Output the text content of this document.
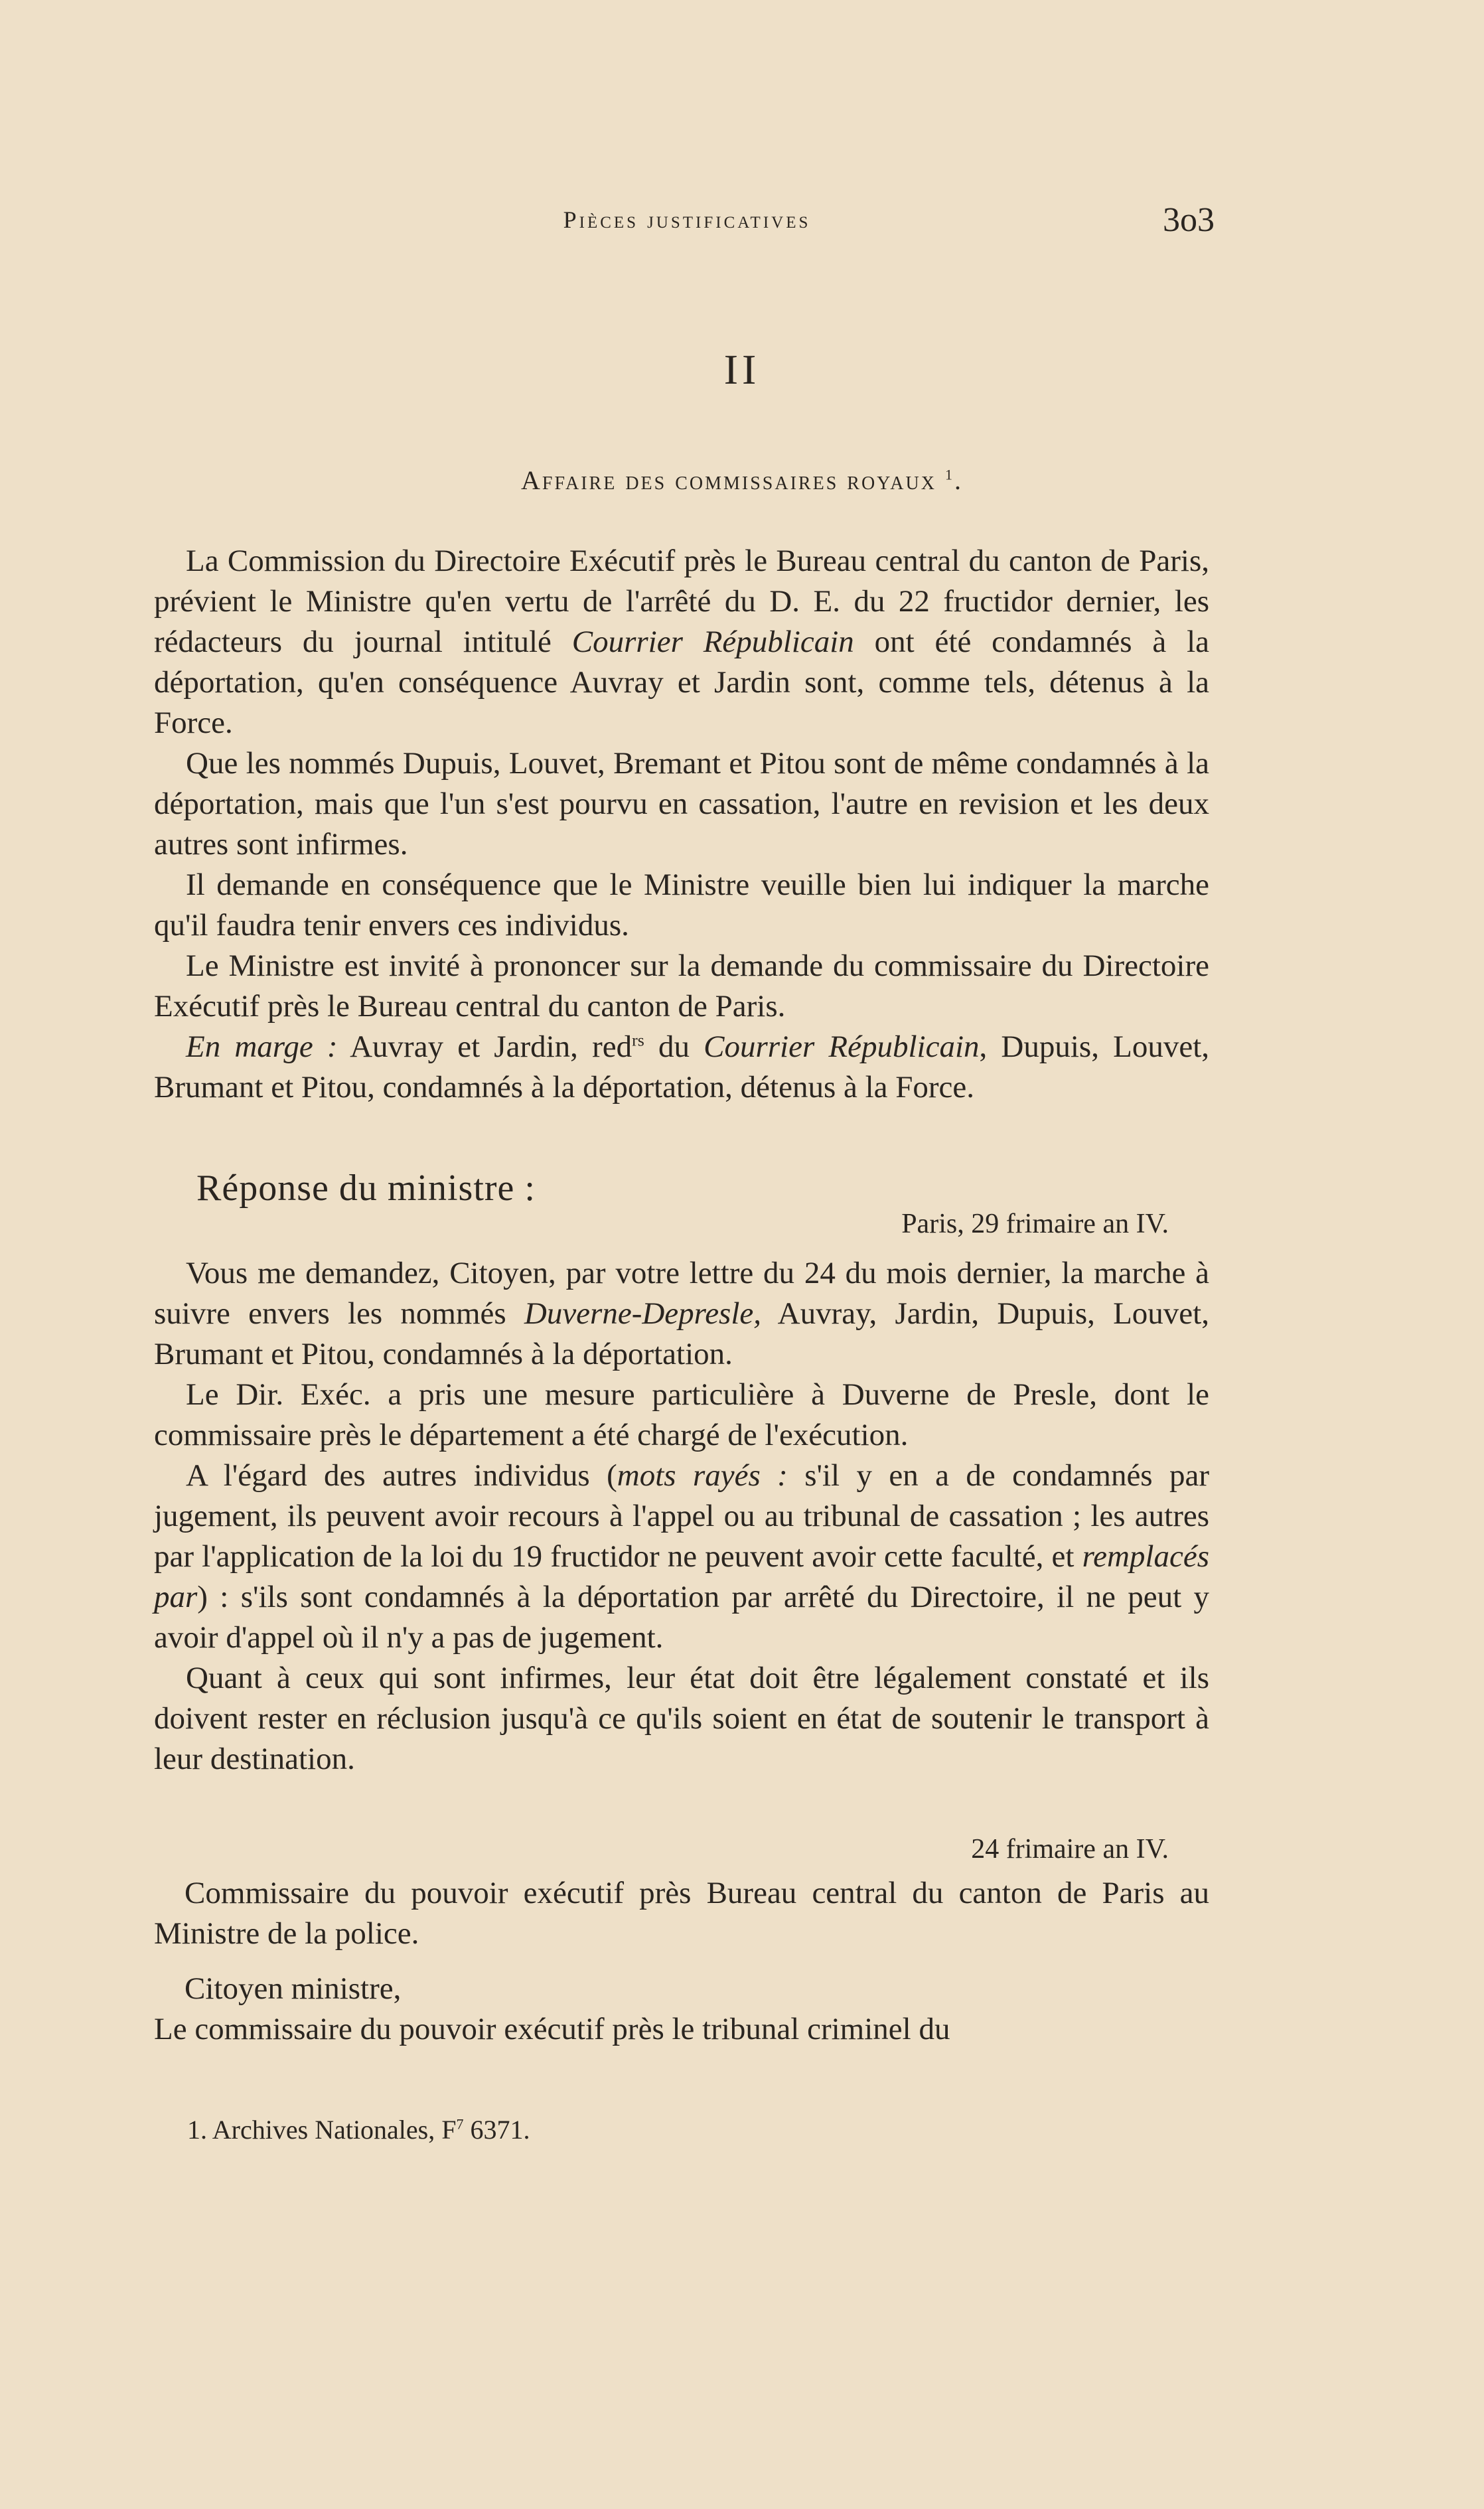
Pièces justificatives	3o3
II
Affaire des commissaires royaux $^1$.

La Commission du Directoire Exécutif près le Bureau central du canton de Paris, prévient le Ministre qu'en vertu de l'arrêté du D. E. du 22 fructidor dernier, les rédacteurs du journal intitulé Courrier Républicain ont été condamnés à la déportation, qu'en conséquence Auvray et Jardin sont, comme tels, détenus à la Force.

Que les nommés Dupuis, Louvet, Bremant et Pitou sont de même condamnés à la déportation, mais que l'un s'est pourvu en cassation, l'autre en revision et les deux autres sont infirmes.

Il demande en conséquence que le Ministre veuille bien lui indiquer la marche qu'il faudra tenir envers ces individus.

Le Ministre est invité à prononcer sur la demande du commissaire du Directoire Exécutif près le Bureau central du canton de Paris.

En marge : Auvray et Jardin, red$^{rs}$ du Courrier Républicain, Dupuis, Louvet, Brumant et Pitou, condamnés à la déportation, détenus à la Force.

Réponse du ministre :
Paris, 29 frimaire an IV.

Vous me demandez, Citoyen, par votre lettre du 24 du mois dernier, la marche à suivre envers les nommés Duverne-Depresle, Auvray, Jardin, Dupuis, Louvet, Brumant et Pitou, condamnés à la déportation.

Le Dir. Exéc. a pris une mesure particulière à Duverne de Presle, dont le commissaire près le département a été chargé de l'exécution.

A l'égard des autres individus (mots rayés : s'il y en a de condamnés par jugement, ils peuvent avoir recours à l'appel ou au tribunal de cassation ; les autres par l'application de la loi du 19 fructidor ne peuvent avoir cette faculté, et remplacés par) : s'ils sont condamnés à la déportation par arrêté du Directoire, il ne peut y avoir d'appel où il n'y a pas de jugement.

Quant à ceux qui sont infirmes, leur état doit être légalement constaté et ils doivent rester en réclusion jusqu'à ce qu'ils soient en état de soutenir le transport à leur destination.

24 frimaire an IV.

Commissaire du pouvoir exécutif près Bureau central du canton de Paris au Ministre de la police.

Citoyen ministre,

Le commissaire du pouvoir exécutif près le tribunal criminel du

1. Archives Nationales, $F^7$ 6371.
